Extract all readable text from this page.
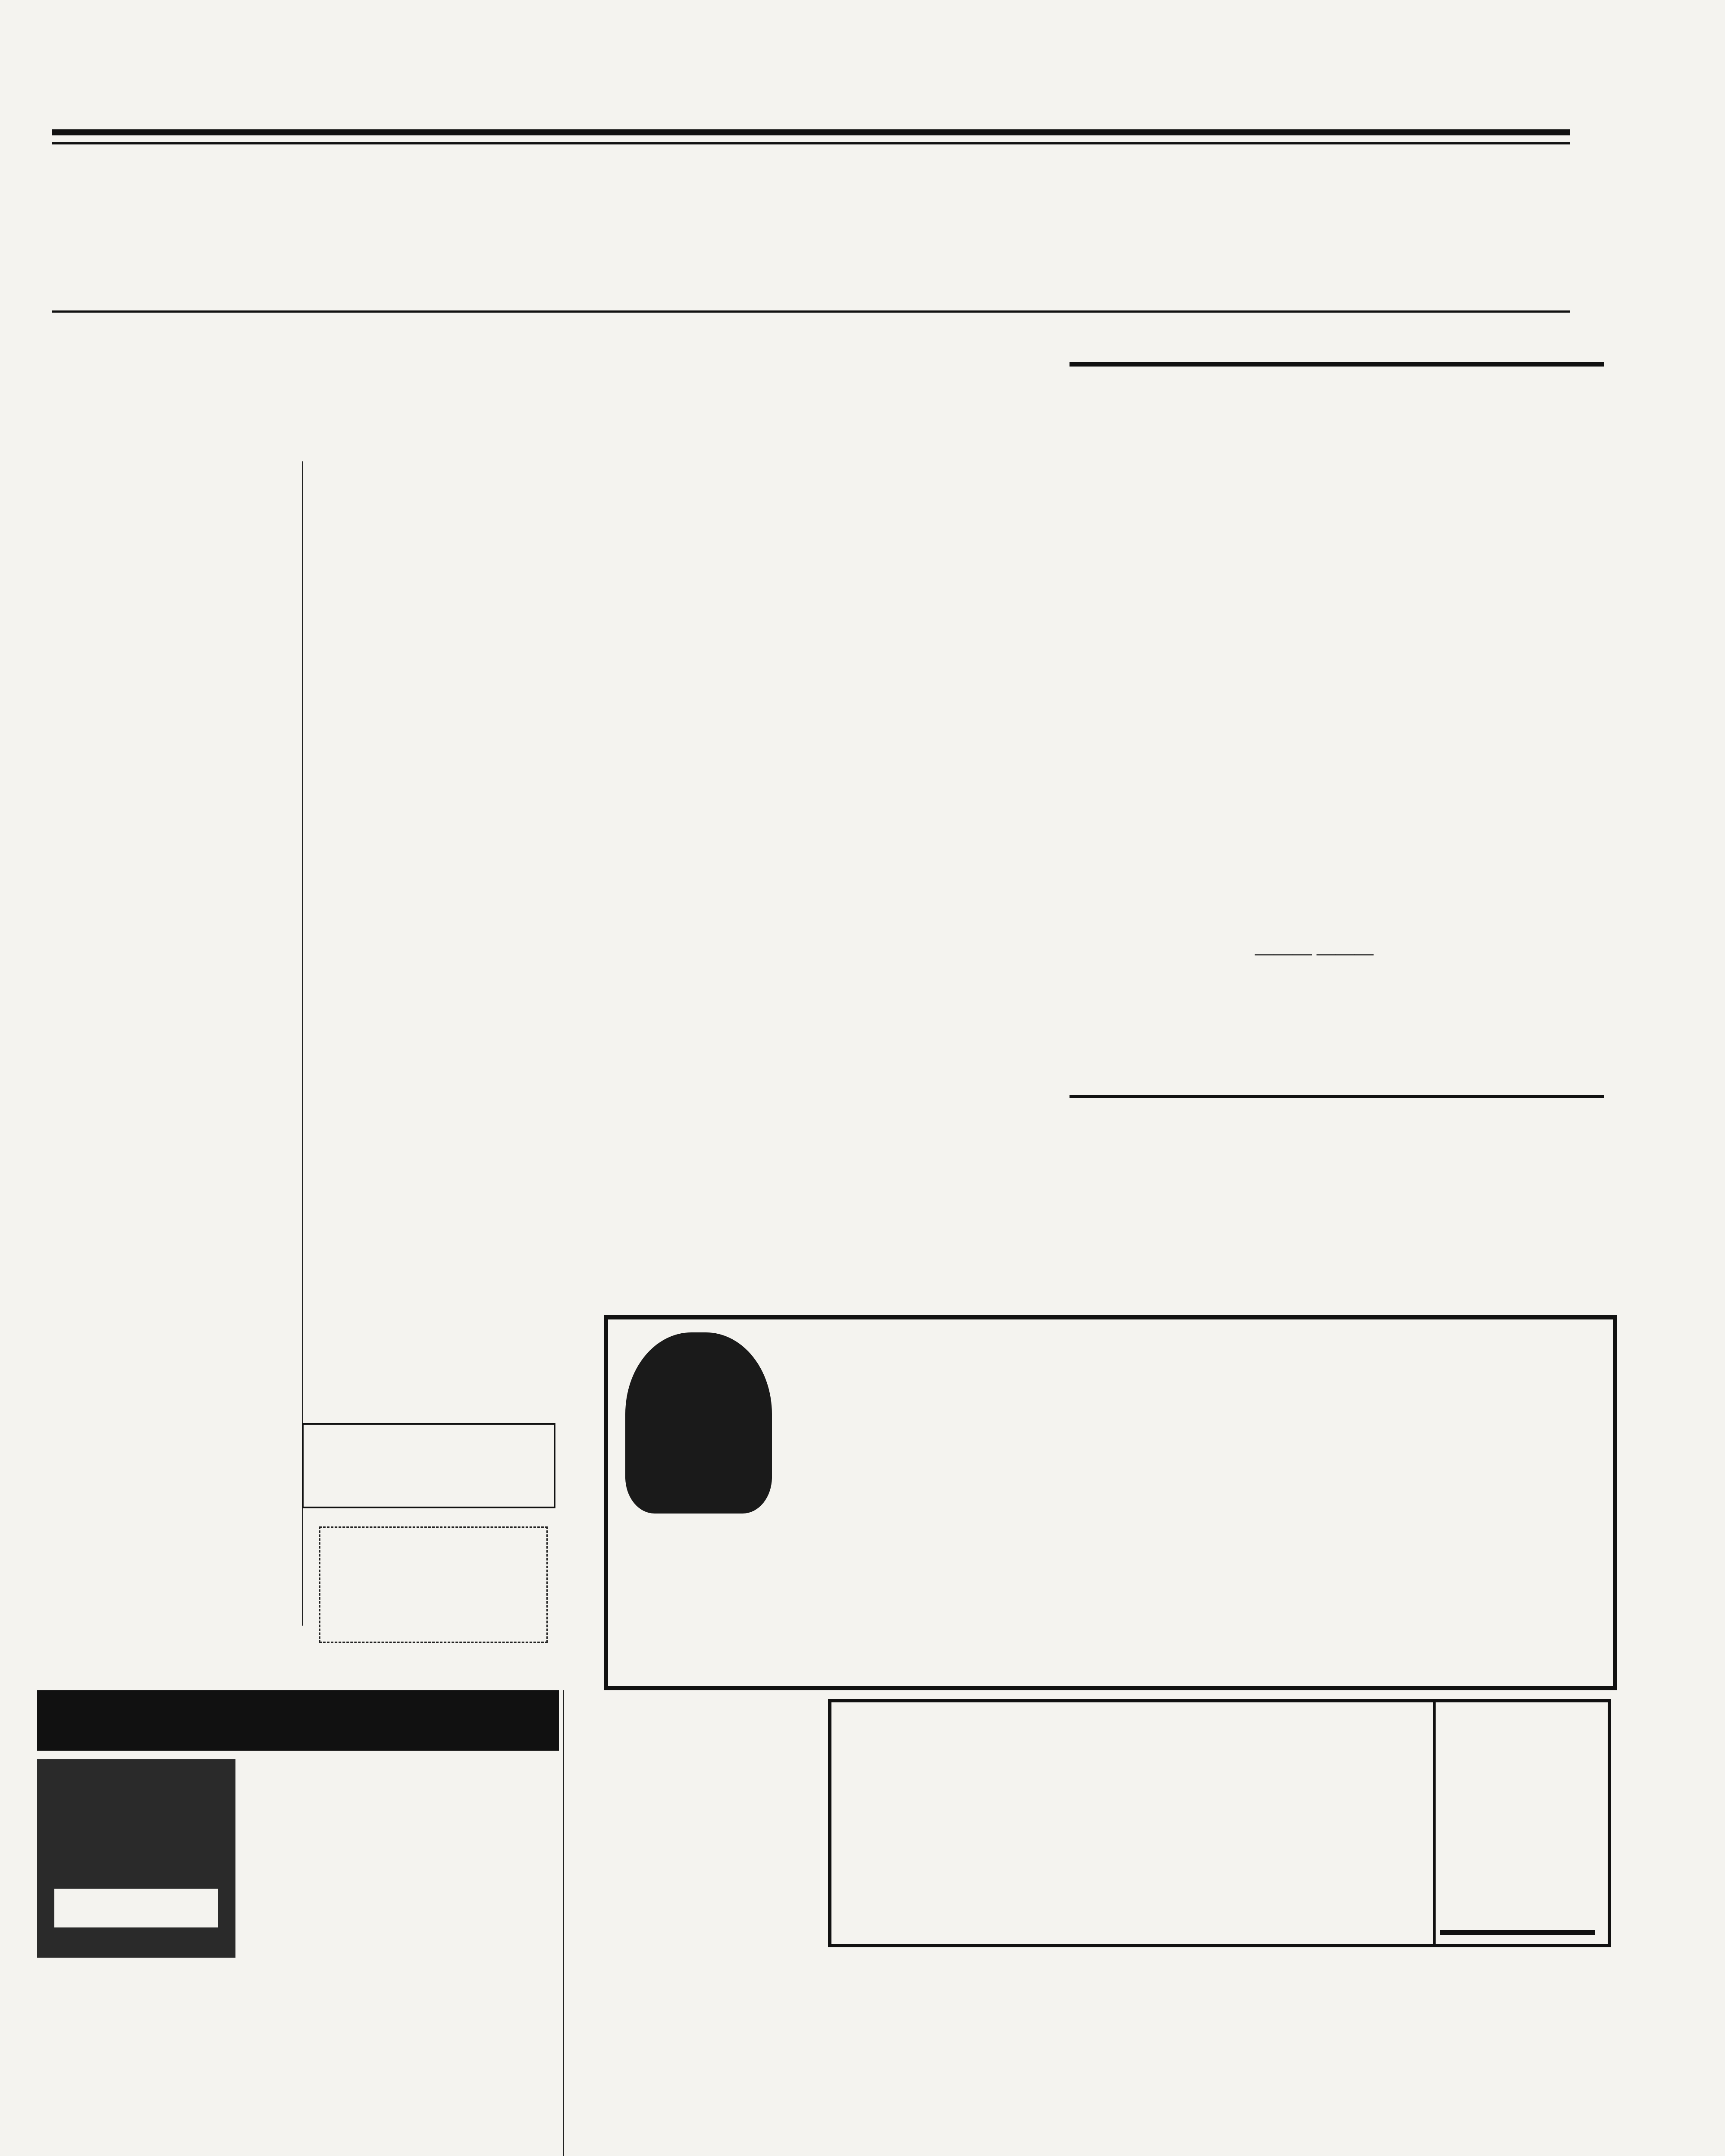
——— ———
